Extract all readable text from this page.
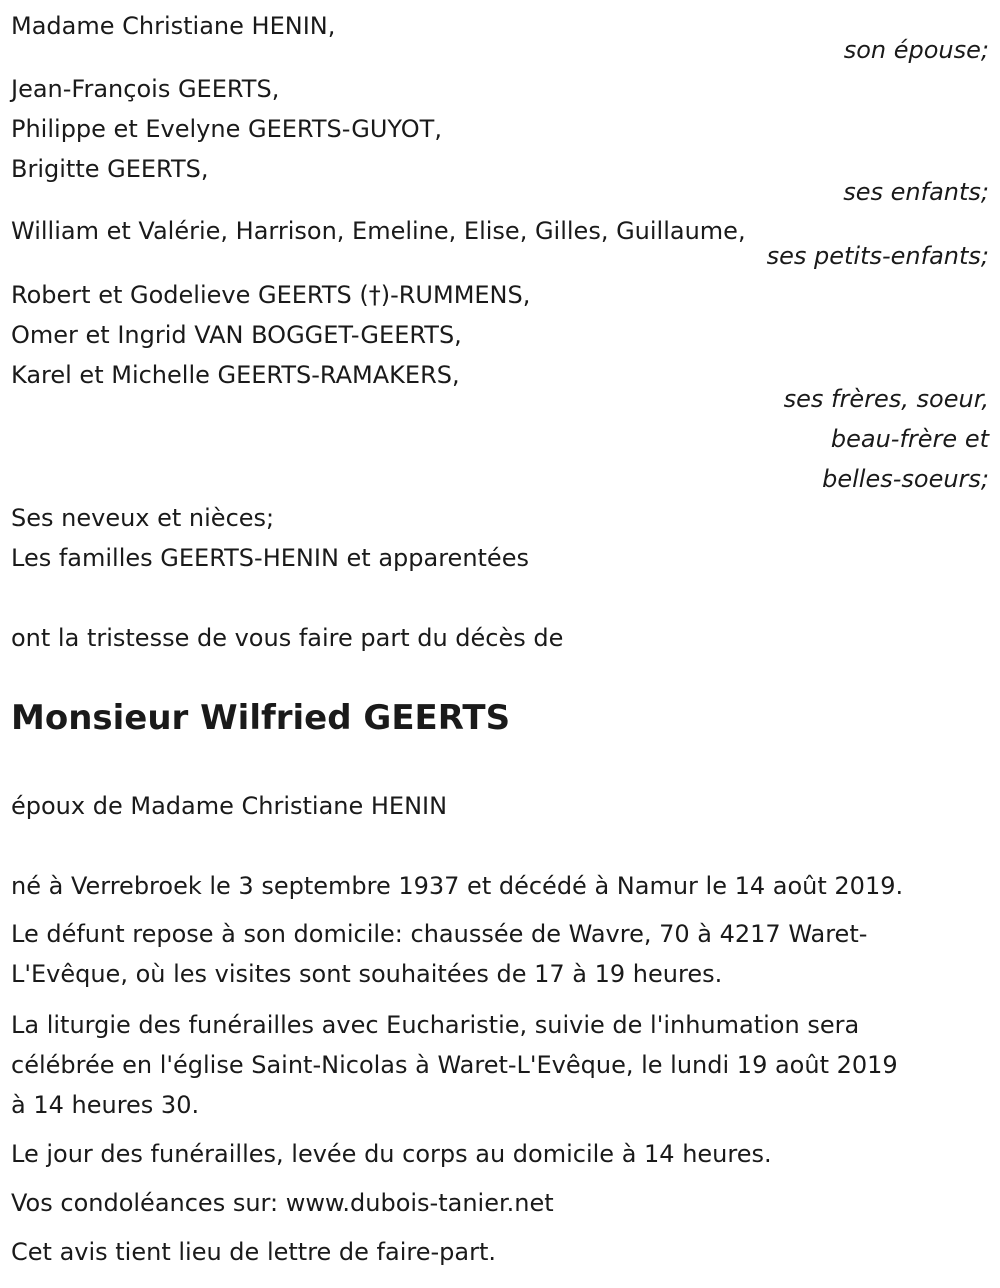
Madame Christiane HENIN,
son épouse;
Jean-François GEERTS,
Philippe et Evelyne GEERTS-GUYOT,
Brigitte GEERTS,
ses enfants;
William et Valérie, Harrison, Emeline, Elise, Gilles, Guillaume,
ses petits-enfants;
Robert et Godelieve GEERTS (†)-RUMMENS,
Omer et Ingrid VAN BOGGET-GEERTS,
Karel et Michelle GEERTS-RAMAKERS,
ses frères, soeur,
beau-frère et
belles-soeurs;
Ses neveux et nièces;
Les familles GEERTS-HENIN et apparentées
ont la tristesse de vous faire part du décès de
Monsieur Wilfried GEERTS
époux de Madame Christiane HENIN
né à Verrebroek le 3 septembre 1937 et décédé à Namur le 14 août 2019.
Le défunt repose à son domicile: chaussée de Wavre, 70 à 4217 Waret-
L'Evêque, où les visites sont souhaitées de 17 à 19 heures.
La liturgie des funérailles avec Eucharistie, suivie de l'inhumation sera
célébrée en l'église Saint-Nicolas à Waret-L'Evêque, le lundi 19 août 2019
à 14 heures 30.
Le jour des funérailles, levée du corps au domicile à 14 heures.
Vos condoléances sur: www.dubois-tanier.net
Cet avis tient lieu de lettre de faire-part.
